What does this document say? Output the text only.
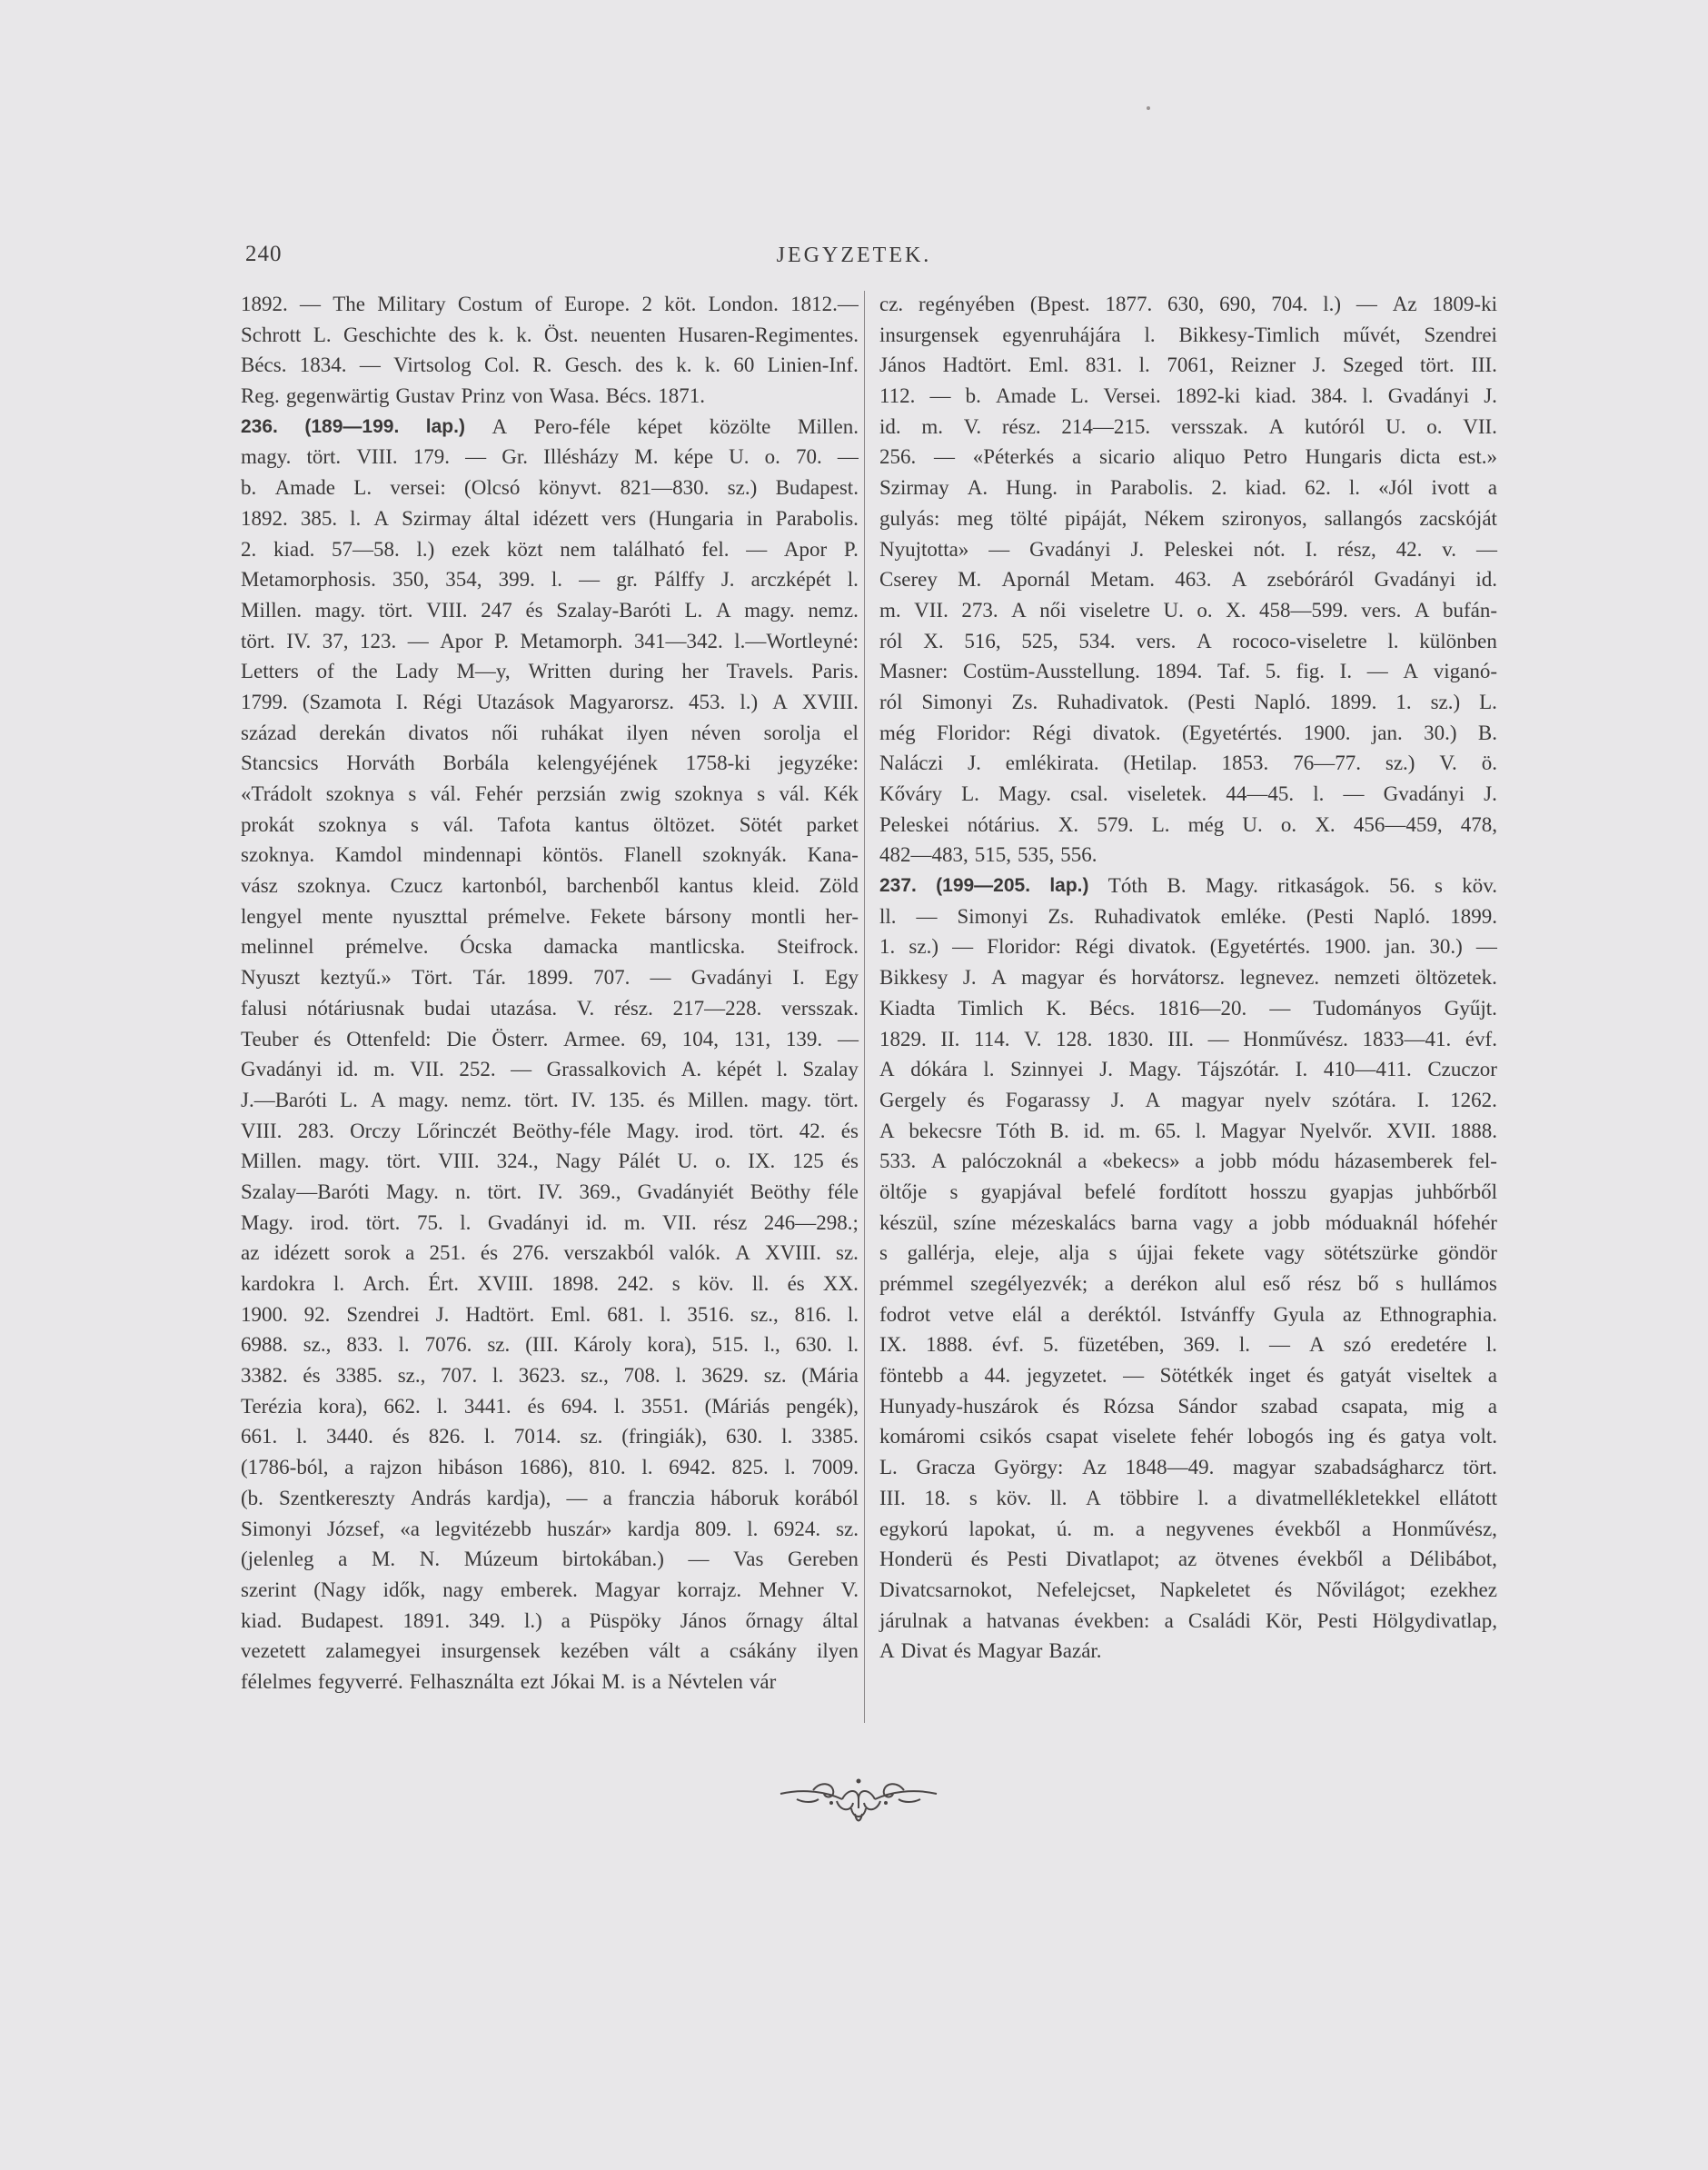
240	JEGYZETEK.
1892. — The Military Costum of Europe. 2 köt. London. 1812.—
Schrott L. Geschichte des k. k. Öst. neuenten Husaren-Regimentes.
Bécs. 1834. — Virtsolog Col. R. Gesch. des k. k. 60 Linien-Inf.
Reg. gegenwärtig Gustav Prinz von Wasa. Bécs. 1871.
236. (189—199. lap.) A Pero-féle képet közölte Millen.
magy. tört. VIII. 179. — Gr. Illésházy M. képe U. o. 70. —
b. Amade L. versei: (Olcsó könyvt. 821—830. sz.) Budapest.
1892. 385. l. A Szirmay által idézett vers (Hungaria in Parabolis.
2. kiad. 57—58. l.) ezek közt nem található fel. — Apor P.
Metamorphosis. 350, 354, 399. l. — gr. Pálffy J. arczképét l.
Millen. magy. tört. VIII. 247 és Szalay-Baróti L. A magy. nemz.
tört. IV. 37, 123. — Apor P. Metamorph. 341—342. l.—Wortleyné:
Letters of the Lady M—y, Written during her Travels. Paris.
1799. (Szamota I. Régi Utazások Magyarorsz. 453. l.) A XVIII.
század derekán divatos női ruhákat ilyen néven sorolja el
Stancsics Horváth Borbála kelengyéjének 1758-ki jegyzéke:
«Trádolt szoknya s vál. Fehér perzsián zwig szoknya s vál. Kék
prokát szoknya s vál. Tafota kantus öltözet. Sötét parket
szoknya. Kamdol mindennapi köntös. Flanell szoknyák. Kana-
vász szoknya. Czucz kartonból, barchenből kantus kleid. Zöld
lengyel mente nyuszttal prémelve. Fekete bársony montli her-
melinnel prémelve. Ócska damacka mantlicska. Steifrock.
Nyuszt keztyű.» Tört. Tár. 1899. 707. — Gvadányi I. Egy
falusi nótáriusnak budai utazása. V. rész. 217—228. versszak.
Teuber és Ottenfeld: Die Österr. Armee. 69, 104, 131, 139. —
Gvadányi id. m. VII. 252. — Grassalkovich A. képét l. Szalay
J.—Baróti L. A magy. nemz. tört. IV. 135. és Millen. magy. tört.
VIII. 283. Orczy Lőrinczét Beöthy-féle Magy. irod. tört. 42. és
Millen. magy. tört. VIII. 324., Nagy Pálét U. o. IX. 125 és
Szalay—Baróti Magy. n. tört. IV. 369., Gvadányiét Beöthy féle
Magy. irod. tört. 75. l. Gvadányi id. m. VII. rész 246—298.;
az idézett sorok a 251. és 276. verszakból valók. A XVIII. sz.
kardokra l. Arch. Ért. XVIII. 1898. 242. s köv. ll. és XX.
1900. 92. Szendrei J. Hadtört. Eml. 681. l. 3516. sz., 816. l.
6988. sz., 833. l. 7076. sz. (III. Károly kora), 515. l., 630. l.
3382. és 3385. sz., 707. l. 3623. sz., 708. l. 3629. sz. (Mária
Terézia kora), 662. l. 3441. és 694. l. 3551. (Máriás pengék),
661. l. 3440. és 826. l. 7014. sz. (fringiák), 630. l. 3385.
(1786-ból, a rajzon hibáson 1686), 810. l. 6942. 825. l. 7009.
(b. Szentkereszty András kardja), — a franczia háboruk korából
Simonyi József, «a legvitézebb huszár» kardja 809. l. 6924. sz.
(jelenleg a M. N. Múzeum birtokában.) — Vas Gereben
szerint (Nagy idők, nagy emberek. Magyar korrajz. Mehner V.
kiad. Budapest. 1891. 349. l.) a Püspöky János őrnagy által
vezetett zalamegyei insurgensek kezében vált a csákány ilyen
félelmes fegyverré. Felhasználta ezt Jókai M. is a Névtelen vár
cz. regényében (Bpest. 1877. 630, 690, 704. l.) — Az 1809-ki
insurgensek egyenruhájára l. Bikkesy-Timlich művét, Szendrei
János Hadtört. Eml. 831. l. 7061, Reizner J. Szeged tört. III.
112. — b. Amade L. Versei. 1892-ki kiad. 384. l. Gvadányi J.
id. m. V. rész. 214—215. versszak. A kutóról U. o. VII.
256. — «Péterkés a sicario aliquo Petro Hungaris dicta est.»
Szirmay A. Hung. in Parabolis. 2. kiad. 62. l. «Jól ivott a
gulyás: meg tölté pipáját, Nékem szironyos, sallangós zacskóját
Nyujtotta» — Gvadányi J. Peleskei nót. I. rész, 42. v. —
Cserey M. Apornál Metam. 463. A zsebóráról Gvadányi id.
m. VII. 273. A női viseletre U. o. X. 458—599. vers. A bufán-
ról X. 516, 525, 534. vers. A rococo-viseletre l. különben
Masner: Costüm-Ausstellung. 1894. Taf. 5. fig. I. — A viganó-
ról Simonyi Zs. Ruhadivatok. (Pesti Napló. 1899. 1. sz.) L.
még Floridor: Régi divatok. (Egyetértés. 1900. jan. 30.) B.
Naláczi J. emlékirata. (Hetilap. 1853. 76—77. sz.) V. ö.
Kőváry L. Magy. csal. viseletek. 44—45. l. — Gvadányi J.
Peleskei nótárius. X. 579. L. még U. o. X. 456—459, 478,
482—483, 515, 535, 556.
237. (199—205. lap.) Tóth B. Magy. ritkaságok. 56. s köv.
ll. — Simonyi Zs. Ruhadivatok emléke. (Pesti Napló. 1899.
1. sz.) — Floridor: Régi divatok. (Egyetértés. 1900. jan. 30.) —
Bikkesy J. A magyar és horvátorsz. legnevez. nemzeti öltözetek.
Kiadta Timlich K. Bécs. 1816—20. — Tudományos Gyűjt.
1829. II. 114. V. 128. 1830. III. — Honművész. 1833—41. évf.
A dókára l. Szinnyei J. Magy. Tájszótár. I. 410—411. Czuczor
Gergely és Fogarassy J. A magyar nyelv szótára. I. 1262.
A bekecsre Tóth B. id. m. 65. l. Magyar Nyelvőr. XVII. 1888.
533. A palóczoknál a «bekecs» a jobb módu házasemberek fel-
öltője s gyapjával befelé fordított hosszu gyapjas juhbőrből
készül, színe mézeskalács barna vagy a jobb móduaknál hófehér
s gallérja, eleje, alja s újjai fekete vagy sötétszürke göndör
prémmel szegélyezvék; a derékon alul eső rész bő s hullámos
fodrot vetve elál a deréktól. Istvánffy Gyula az Ethnographia.
IX. 1888. évf. 5. füzetében, 369. l. — A szó eredetére l.
föntebb a 44. jegyzetet. — Sötétkék inget és gatyát viseltek a
Hunyady-huszárok és Rózsa Sándor szabad csapata, mig a
komáromi csikós csapat viselete fehér lobogós ing és gatya volt.
L. Gracza György: Az 1848—49. magyar szabadságharcz tört.
III. 18. s köv. ll. A többire l. a divatmellékletekkel ellátott
egykorú lapokat, ú. m. a negyvenes évekből a Honművész,
Honderü és Pesti Divatlapot; az ötvenes évekből a Délibábot,
Divatcsarnokot, Nefelejcset, Napkeletet és Nővilágot; ezekhez
járulnak a hatvanas években: a Családi Kör, Pesti Hölgydivatlap,
A Divat és Magyar Bazár.
